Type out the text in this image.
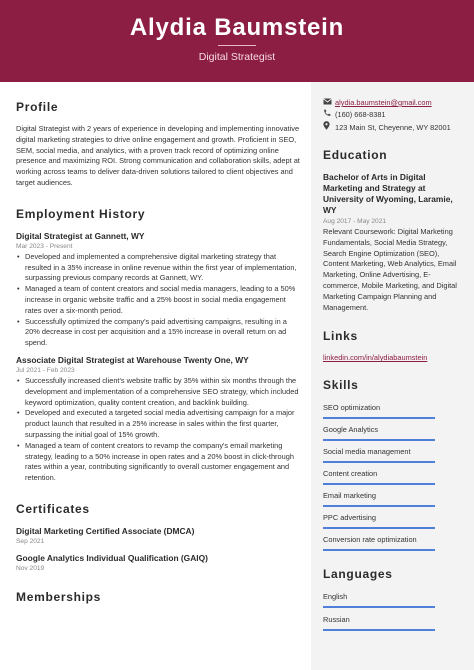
Alydia Baumstein
Digital Strategist
Profile

Digital Strategist with 2 years of experience in developing and implementing innovative digital marketing strategies to drive online engagement and growth. Proficient in SEO, SEM, social media, and analytics, with a proven track record of optimizing online presence and maximizing ROI. Strong communication and collaboration skills, adept at working across teams to deliver data-driven solutions tailored to client objectives and target audiences.

Employment History
Digital Strategist at Gannett, WY
Mar 2023 - Present
• Developed and implemented a comprehensive digital marketing strategy that resulted in a 35% increase in online revenue within the first year of implementation, surpassing previous company records at Gannett, WY.
• Managed a team of content creators and social media managers, leading to a 50% increase in organic website traffic and a 25% boost in social media engagement rates over a six-month period.
• Successfully optimized the company's paid advertising campaigns, resulting in a 20% decrease in cost per acquisition and a 15% increase in overall return on ad spend.
Associate Digital Strategist at Warehouse Twenty One, WY
Jul 2021 - Feb 2023
• Successfully increased client's website traffic by 35% within six months through the development and implementation of a comprehensive SEO strategy, which included keyword optimization, quality content creation, and backlink building.
• Developed and executed a targeted social media advertising campaign for a major product launch that resulted in a 25% increase in sales within the first quarter, surpassing the initial goal of 15% growth.
• Managed a team of content creators to revamp the company's email marketing strategy, leading to a 50% increase in open rates and a 20% boost in click-through rates within a year, contributing significantly to overall customer engagement and retention.
Certificates
Digital Marketing Certified Associate (DMCA)
Sep 2021
Google Analytics Individual Qualification (GAIQ)
Nov 2019
Memberships
alydia.baumstein@gmail.com
(160) 668-8381
123 Main St, Cheyenne, WY 82001
Education
Bachelor of Arts in Digital Marketing and Strategy at University of Wyoming, Laramie, WY
Aug 2017 - May 2021
Relevant Coursework: Digital Marketing Fundamentals, Social Media Strategy, Search Engine Optimization (SEO), Content Marketing, Web Analytics, Email Marketing, Online Advertising, E-commerce, Mobile Marketing, and Digital Marketing Campaign Planning and Management.
Links
linkedin.com/in/alydiabaumstein
Skills
SEO optimization
Google Analytics
Social media management
Content creation
Email marketing
PPC advertising
Conversion rate optimization
Languages
English
Russian
